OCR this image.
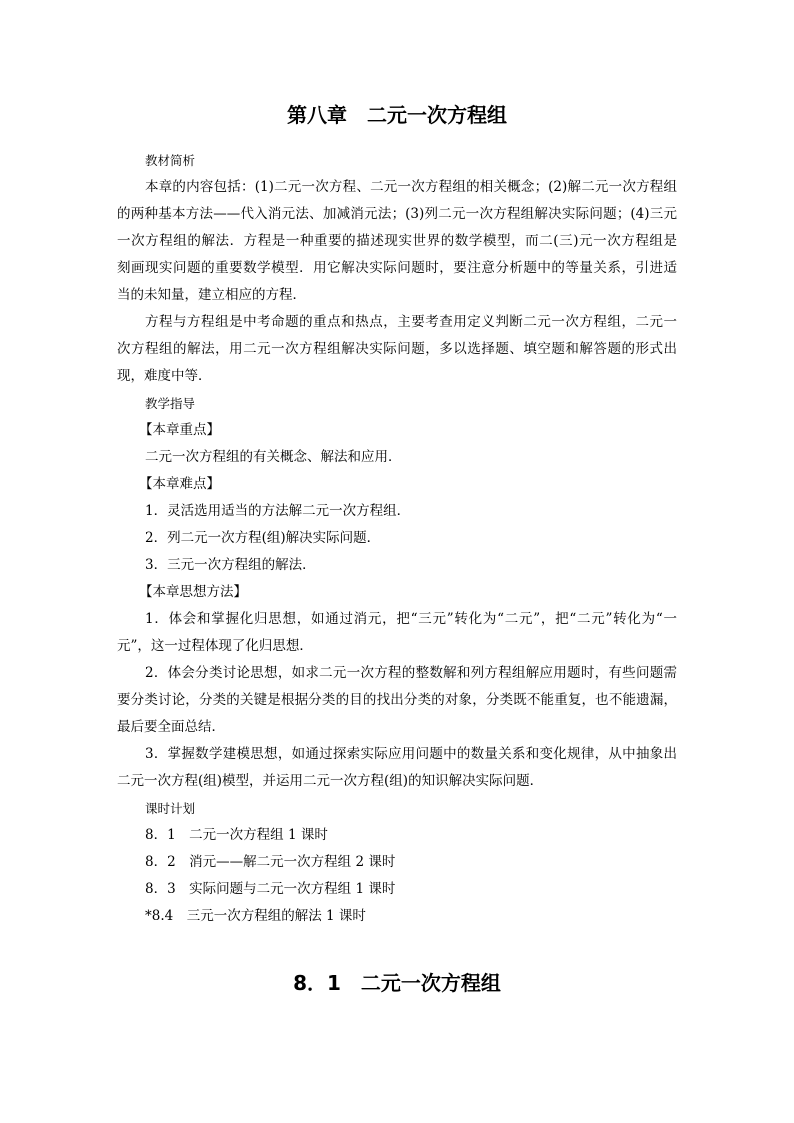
第八章　二元一次方程组

教材简析

本章的内容包括：(1)二元一次方程、二元一次方程组的相关概念；(2)解二元一次方程组

的两种基本方法——代入消元法、加减消元法；(3)列二元一次方程组解决实际问题；(4)三元

一次方程组的解法．方程是一种重要的描述现实世界的数学模型，而二(三)元一次方程组是

刻画现实问题的重要数学模型．用它解决实际问题时，要注意分析题中的等量关系，引进适

当的未知量，建立相应的方程．

方程与方程组是中考命题的重点和热点，主要考查用定义判断二元一次方程组，二元一

次方程组的解法，用二元一次方程组解决实际问题，多以选择题、填空题和解答题的形式出

现，难度中等．

教学指导

【本章重点】

二元一次方程组的有关概念、解法和应用．

【本章难点】

1．灵活选用适当的方法解二元一次方程组．

2．列二元一次方程(组)解决实际问题．

3．三元一次方程组的解法．

【本章思想方法】

1．体会和掌握化归思想，如通过消元，把“三元”转化为“二元”，把“二元”转化为“一

元”，这一过程体现了化归思想．

2．体会分类讨论思想，如求二元一次方程的整数解和列方程组解应用题时，有些问题需

要分类讨论，分类的关键是根据分类的目的找出分类的对象，分类既不能重复，也不能遗漏，

最后要全面总结．

3．掌握数学建模思想，如通过探索实际应用问题中的数量关系和变化规律，从中抽象出

二元一次方程(组)模型，并运用二元一次方程(组)的知识解决实际问题．

课时计划

8．1　二元一次方程组 1 课时

8．2　消元——解二元一次方程组 2 课时

8．3　实际问题与二元一次方程组 1 课时

*8.4　三元一次方程组的解法 1 课时

8．1　二元一次方程组
